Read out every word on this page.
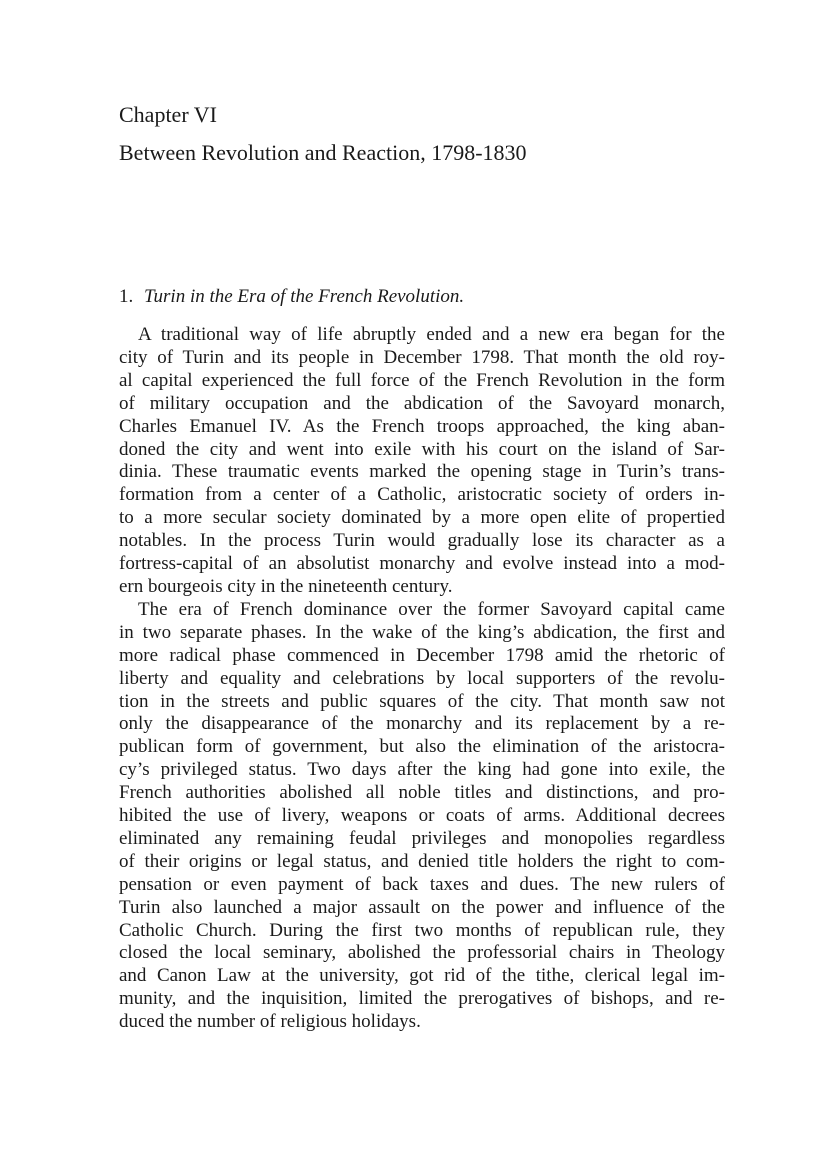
Chapter VI
Between Revolution and Reaction, 1798-1830
1. Turin in the Era of the French Revolution.

 A traditional way of life abruptly ended and a new era began for the
city of Turin and its people in December 1798. That month the old roy-
al capital experienced the full force of the French Revolution in the form
of military occupation and the abdication of the Savoyard monarch,
Charles Emanuel IV. As the French troops approached, the king aban-
doned the city and went into exile with his court on the island of Sar-
dinia. These traumatic events marked the opening stage in Turin’s trans-
formation from a center of a Catholic, aristocratic society of orders in-
to a more secular society dominated by a more open elite of propertied
notables. In the process Turin would gradually lose its character as a
fortress-capital of an absolutist monarchy and evolve instead into a mod-
ern bourgeois city in the nineteenth century.

 The era of French dominance over the former Savoyard capital came
in two separate phases. In the wake of the king’s abdication, the first and
more radical phase commenced in December 1798 amid the rhetoric of
liberty and equality and celebrations by local supporters of the revolu-
tion in the streets and public squares of the city. That month saw not
only the disappearance of the monarchy and its replacement by a re-
publican form of government, but also the elimination of the aristocra-
cy’s privileged status. Two days after the king had gone into exile, the
French authorities abolished all noble titles and distinctions, and pro-
hibited the use of livery, weapons or coats of arms. Additional decrees
eliminated any remaining feudal privileges and monopolies regardless
of their origins or legal status, and denied title holders the right to com-
pensation or even payment of back taxes and dues. The new rulers of
Turin also launched a major assault on the power and influence of the
Catholic Church. During the first two months of republican rule, they
closed the local seminary, abolished the professorial chairs in Theology
and Canon Law at the university, got rid of the tithe, clerical legal im-
munity, and the inquisition, limited the prerogatives of bishops, and re-
duced the number of religious holidays.
